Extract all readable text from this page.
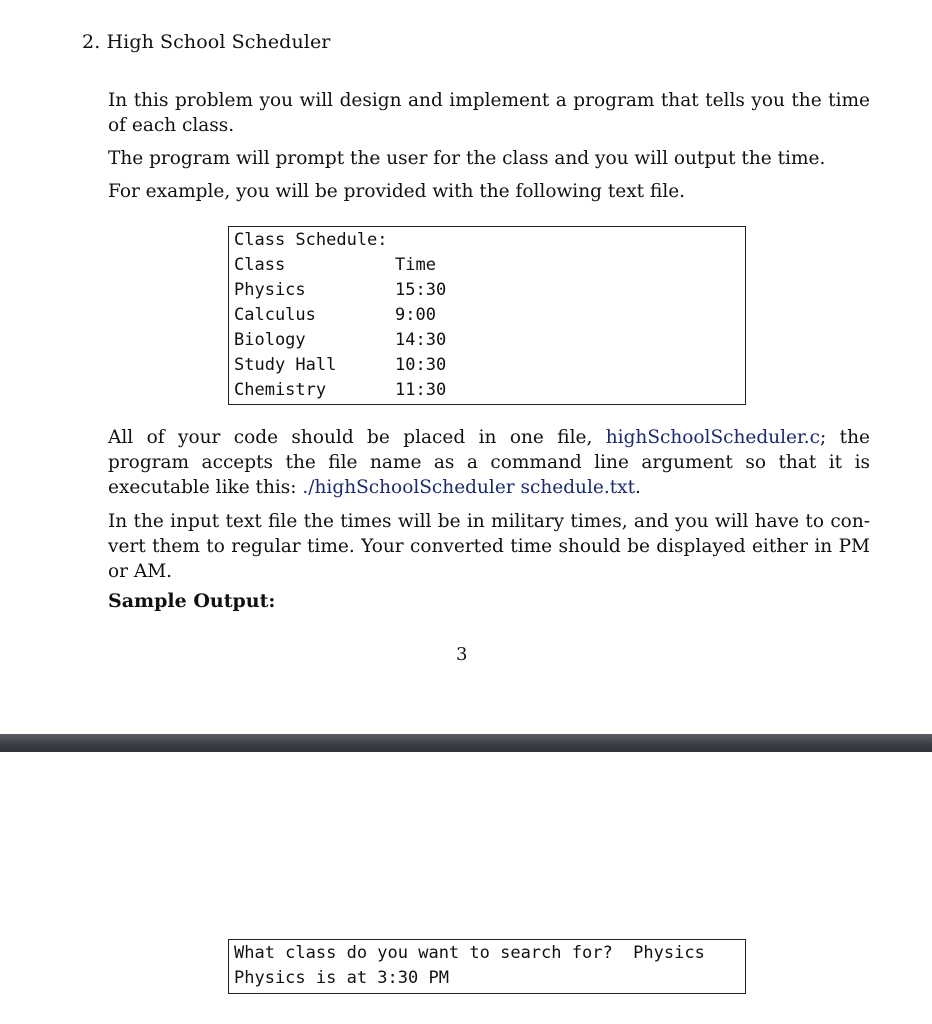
2. High School Scheduler

In this problem you will design and implement a program that tells you the time of each class.

The program will prompt the user for the class and you will output the time.

For example, you will be provided with the following text file.

Class Schedule:
Class	Time
Physics	15:30
Calculus	9:00
Biology	14:30
Study Hall	10:30
Chemistry	11:30

All of your code should be placed in one file, highSchoolScheduler.c; the program accepts the file name as a command line argument so that it is executable like this: ./highSchoolScheduler schedule.txt.

In the input text file the times will be in military times, and you will have to con- vert them to regular time. Your converted time should be displayed either in PM or AM.

Sample Output:
3
What class do you want to search for?  Physics
Physics is at 3:30 PM
